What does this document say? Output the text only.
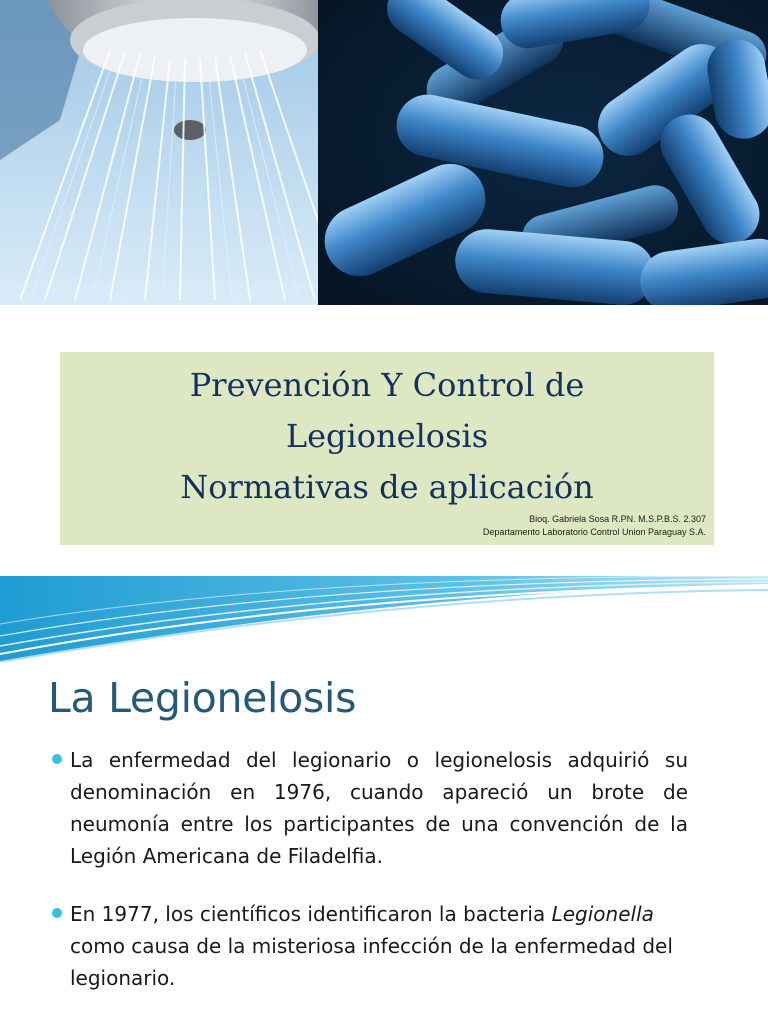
Prevención Y Control de
Legionelosis
Normativas de aplicación
Bioq. Gabriela Sosa R.PN. M.S.P.B.S. 2.307
Departamento Laboratorio Control Union Paraguay S.A.
La Legionelosis
La enfermedad del legionario o legionelosis adquirió su denominación en 1976, cuando apareció un brote de neumonía entre los participantes de una convención de la Legión Americana de Filadelfia.
En 1977, los científicos identificaron la bacteria Legionella como causa de la misteriosa infección de la enfermedad del legionario.
